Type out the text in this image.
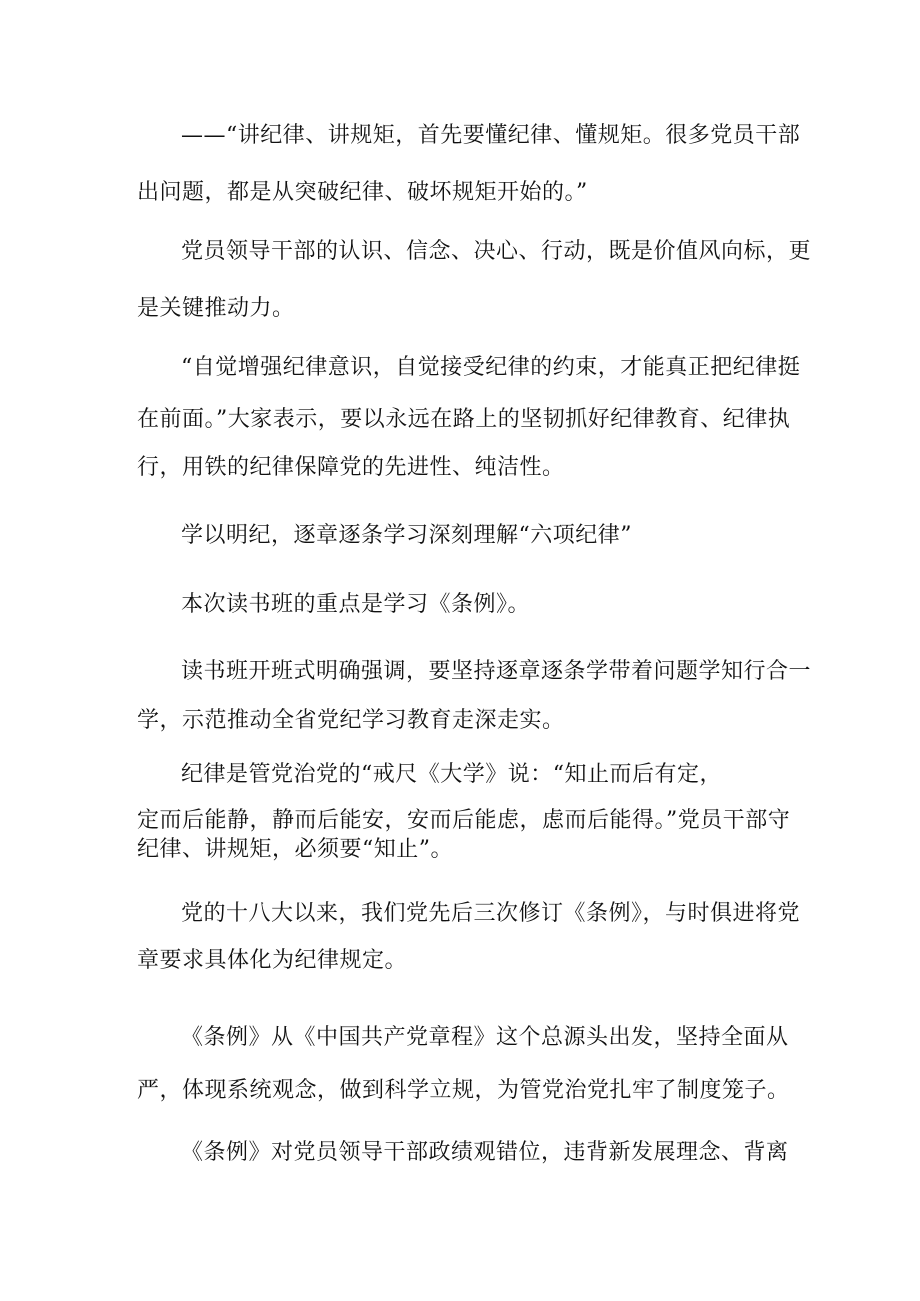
——“讲纪律、讲规矩，首先要懂纪律、懂规矩。很多党员干部

出问题，都是从突破纪律、破坏规矩开始的。”

党员领导干部的认识、信念、决心、行动，既是价值风向标，更

是关键推动力。

“自觉增强纪律意识，自觉接受纪律的约束，才能真正把纪律挺

在前面。”大家表示，要以永远在路上的坚韧抓好纪律教育、纪律执

行，用铁的纪律保障党的先进性、纯洁性。

学以明纪，逐章逐条学习深刻理解“六项纪律”

本次读书班的重点是学习《条例》。

读书班开班式明确强调，要坚持逐章逐条学带着问题学知行合一

学，示范推动全省党纪学习教育走深走实。

纪律是管党治党的“戒尺《大学》说：“知止而后有定，

定而后能静，静而后能安，安而后能虑，虑而后能得。”党员干部守

纪律、讲规矩，必须要“知止”。

党的十八大以来，我们党先后三次修订《条例》，与时俱进将党

章要求具体化为纪律规定。

《条例》从《中国共产党章程》这个总源头出发，坚持全面从

严，体现系统观念，做到科学立规，为管党治党扎牢了制度笼子。

《条例》对党员领导干部政绩观错位，违背新发展理念、背离
